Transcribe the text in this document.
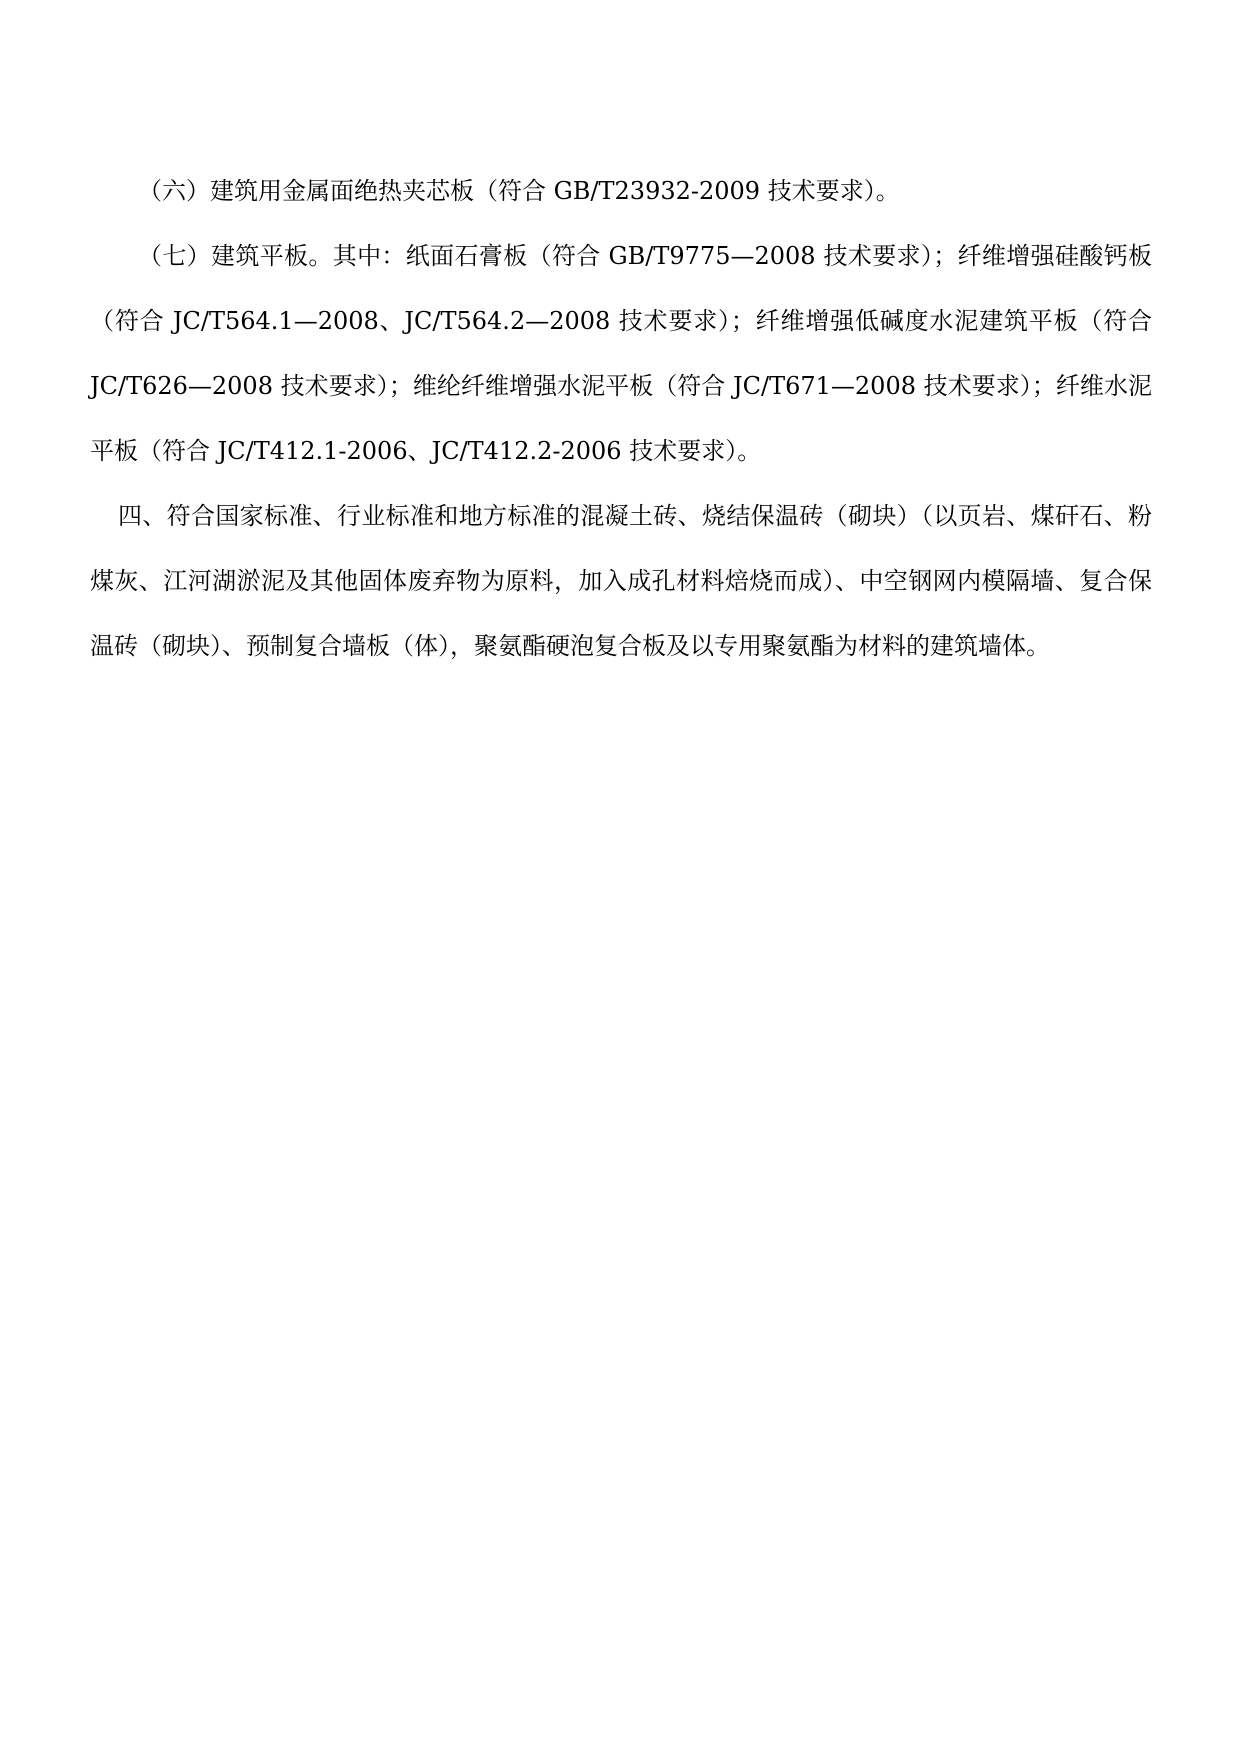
（六）建筑用金属面绝热夹芯板（符合 GB/T23932-2009 技术要求）。

（七）建筑平板。其中：纸面石膏板（符合 GB/T9775—2008 技术要求）；纤维增强硅酸钙板（符合 JC/T564.1—2008、JC/T564.2—2008 技术要求）；纤维增强低碱度水泥建筑平板（符合 JC/T626—2008 技术要求）；维纶纤维增强水泥平板（符合 JC/T671—2008 技术要求）；纤维水泥平板（符合 JC/T412.1-2006、JC/T412.2-2006 技术要求）。

四、符合国家标准、行业标准和地方标准的混凝土砖、烧结保温砖（砌块）（以页岩、煤矸石、粉煤灰、江河湖淤泥及其他固体废弃物为原料，加入成孔材料焙烧而成）、中空钢网内模隔墙、复合保温砖（砌块）、预制复合墙板（体），聚氨酯硬泡复合板及以专用聚氨酯为材料的建筑墙体。
